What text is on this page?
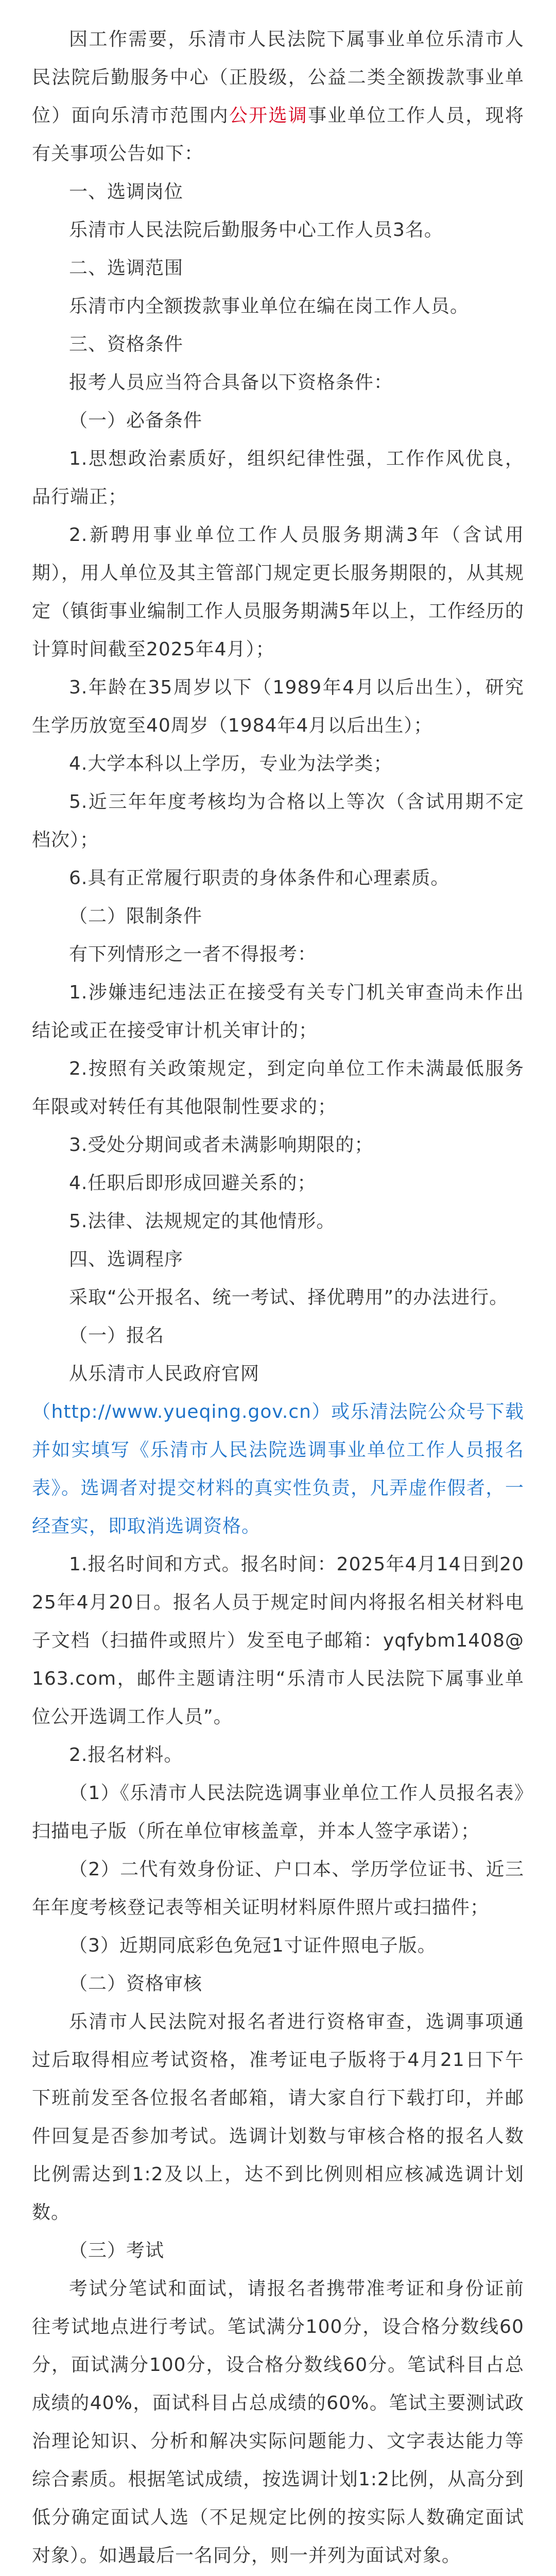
因工作需要，乐清市人民法院下属事业单位乐清市人民法院后勤服务中心（正股级，公益二类全额拨款事业单位）面向乐清市范围内公开选调事业单位工作人员，现将有关事项公告如下：

一、选调岗位

乐清市人民法院后勤服务中心工作人员3名。

二、选调范围

乐清市内全额拨款事业单位在编在岗工作人员。

三、资格条件

报考人员应当符合具备以下资格条件：

（一）必备条件

1.思想政治素质好，组织纪律性强，工作作风优良，品行端正；

2.新聘用事业单位工作人员服务期满3年（含试用期），用人单位及其主管部门规定更长服务期限的，从其规定（镇街事业编制工作人员服务期满5年以上，工作经历的计算时间截至2025年4月）；

3.年龄在35周岁以下（1989年4月以后出生），研究生学历放宽至40周岁（1984年4月以后出生）；

4.大学本科以上学历，专业为法学类；

5.近三年年度考核均为合格以上等次（含试用期不定档次）；

6.具有正常履行职责的身体条件和心理素质。

（二）限制条件

有下列情形之一者不得报考：

1.涉嫌违纪违法正在接受有关专门机关审查尚未作出结论或正在接受审计机关审计的；

2.按照有关政策规定，到定向单位工作未满最低服务年限或对转任有其他限制性要求的；

3.受处分期间或者未满影响期限的；

4.任职后即形成回避关系的；

5.法律、法规规定的其他情形。

四、选调程序

采取“公开报名、统一考试、择优聘用”的办法进行。

（一）报名

从乐清市人民政府官网

（http://www.yueqing.gov.cn）或乐清法院公众号下载并如实填写《乐清市人民法院选调事业单位工作人员报名表》。选调者对提交材料的真实性负责，凡弄虚作假者，一经查实，即取消选调资格。

1.报名时间和方式。报名时间：2025年4月14日到2025年4月20日。报名人员于规定时间内将报名相关材料电子文档（扫描件或照片）发至电子邮箱：yqfybm1408@163.com，邮件主题请注明“乐清市人民法院下属事业单位公开选调工作人员”。

2.报名材料。

（1）《乐清市人民法院选调事业单位工作人员报名表》扫描电子版（所在单位审核盖章，并本人签字承诺）；

（2）二代有效身份证、户口本、学历学位证书、近三年年度考核登记表等相关证明材料原件照片或扫描件；

（3）近期同底彩色免冠1寸证件照电子版。

（二）资格审核

乐清市人民法院对报名者进行资格审查，选调事项通过后取得相应考试资格，准考证电子版将于4月21日下午下班前发至各位报名者邮箱，请大家自行下载打印，并邮件回复是否参加考试。选调计划数与审核合格的报名人数比例需达到1:2及以上，达不到比例则相应核减选调计划数。

（三）考试

考试分笔试和面试，请报名者携带准考证和身份证前往考试地点进行考试。笔试满分100分，设合格分数线60分，面试满分100分，设合格分数线60分。笔试科目占总成绩的40%，面试科目占总成绩的60%。笔试主要测试政治理论知识、分析和解决实际问题能力、文字表达能力等综合素质。根据笔试成绩，按选调计划1:2比例，从高分到低分确定面试人选（不足规定比例的按实际人数确定面试对象）。如遇最后一名同分，则一并列为面试对象。
